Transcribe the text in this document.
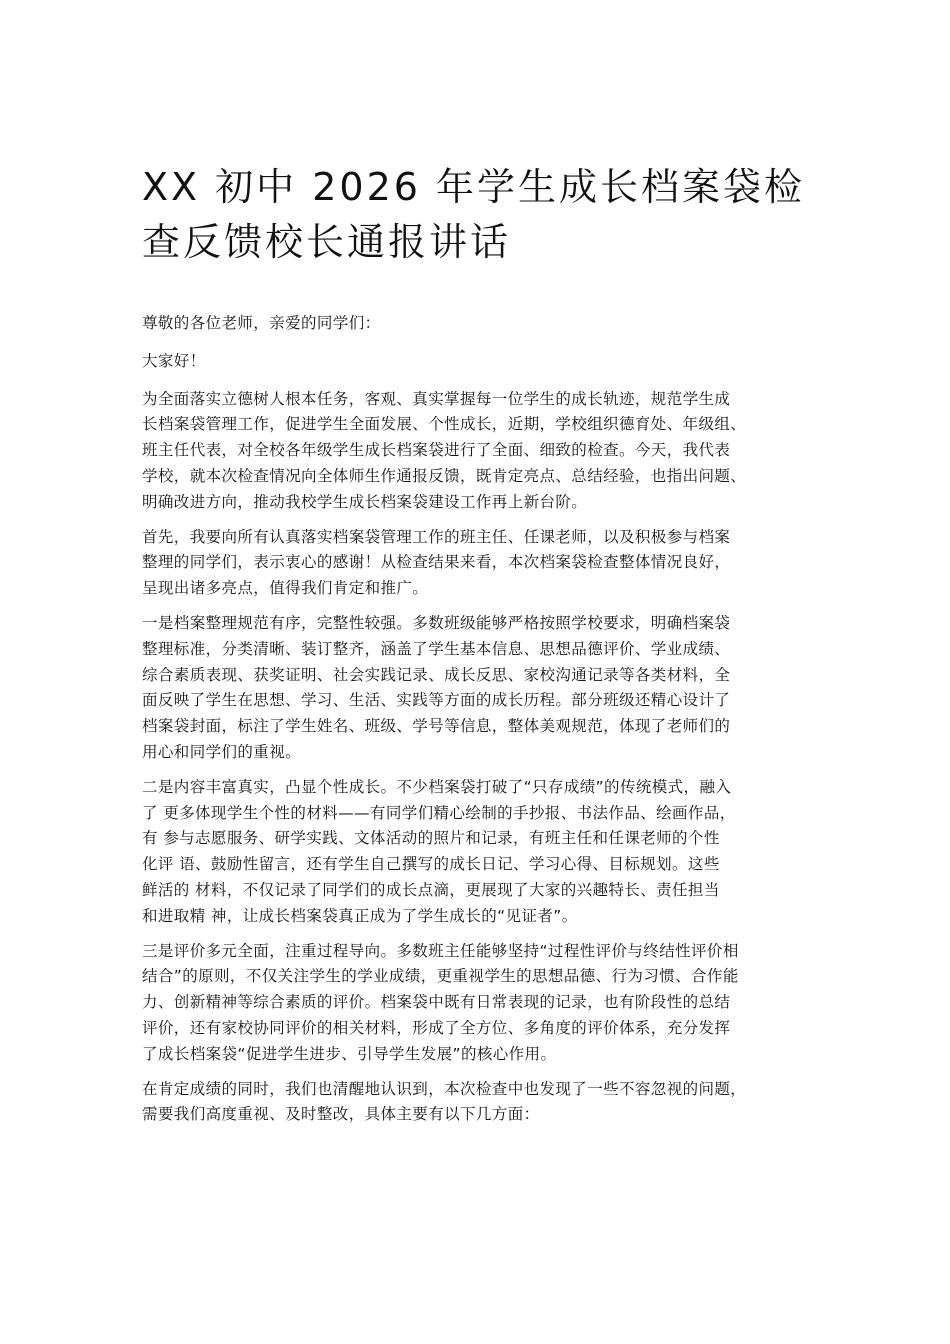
XX 初中 2026 年学生成长档案袋检
查反馈校长通报讲话

尊敬的各位老师，亲爱的同学们：

大家好！

为全面落实立德树人根本任务，客观、真实掌握每一位学生的成长轨迹，规范学生成
长档案袋管理工作，促进学生全面发展、个性成长，近期，学校组织德育处、年级组、
班主任代表，对全校各年级学生成长档案袋进行了全面、细致的检查。今天，我代表
学校，就本次检查情况向全体师生作通报反馈，既肯定亮点、总结经验，也指出问题、
明确改进方向，推动我校学生成长档案袋建设工作再上新台阶。

首先，我要向所有认真落实档案袋管理工作的班主任、任课老师，以及积极参与档案
整理的同学们，表示衷心的感谢！从检查结果来看，本次档案袋检查整体情况良好，
呈现出诸多亮点，值得我们肯定和推广。

一是档案整理规范有序，完整性较强。多数班级能够严格按照学校要求，明确档案袋
整理标准，分类清晰、装订整齐，涵盖了学生基本信息、思想品德评价、学业成绩、
综合素质表现、获奖证明、社会实践记录、成长反思、家校沟通记录等各类材料，全
面反映了学生在思想、学习、生活、实践等方面的成长历程。部分班级还精心设计了
档案袋封面，标注了学生姓名、班级、学号等信息，整体美观规范，体现了老师们的
用心和同学们的重视。

二是内容丰富真实，凸显个性成长。不少档案袋打破了“只存成绩”的传统模式，融入
了 更多体现学生个性的材料——有同学们精心绘制的手抄报、书法作品、绘画作品，
有 参与志愿服务、研学实践、文体活动的照片和记录，有班主任和任课老师的个性
化评 语、鼓励性留言，还有学生自己撰写的成长日记、学习心得、目标规划。这些
鲜活的 材料，不仅记录了同学们的成长点滴，更展现了大家的兴趣特长、责任担当
和进取精 神，让成长档案袋真正成为了学生成长的“见证者”。

三是评价多元全面，注重过程导向。多数班主任能够坚持“过程性评价与终结性评价相
结合”的原则，不仅关注学生的学业成绩，更重视学生的思想品德、行为习惯、合作能
力、创新精神等综合素质的评价。档案袋中既有日常表现的记录，也有阶段性的总结
评价，还有家校协同评价的相关材料，形成了全方位、多角度的评价体系，充分发挥
了成长档案袋“促进学生进步、引导学生发展”的核心作用。

在肯定成绩的同时，我们也清醒地认识到，本次检查中也发现了一些不容忽视的问题，
需要我们高度重视、及时整改，具体主要有以下几方面：
